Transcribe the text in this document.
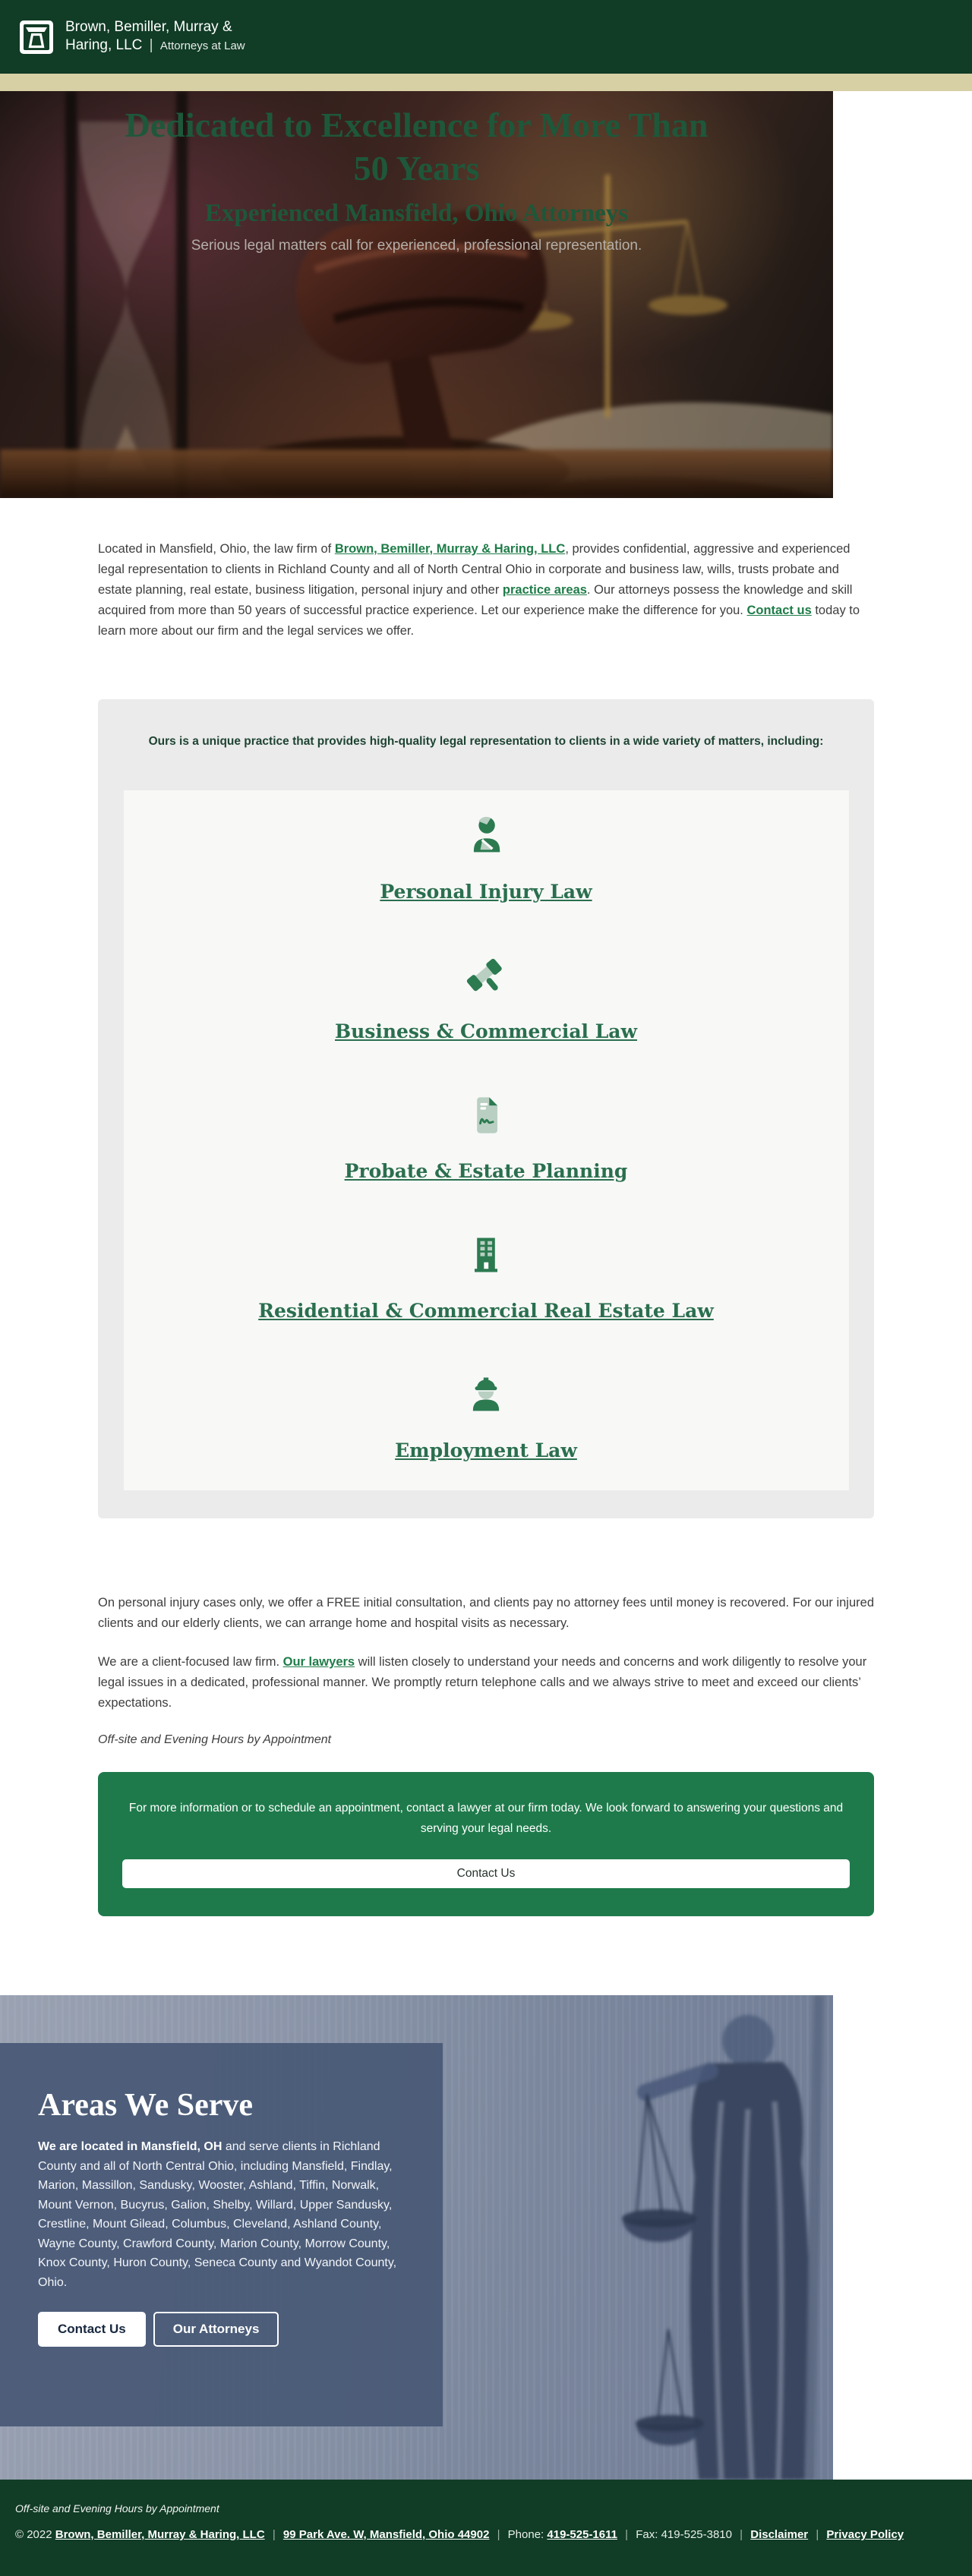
Brown, Bemiller, Murray &
Haring, LLC | Attorneys at Law
Dedicated to Excellence for More Than
50 Years
Experienced Mansfield, Ohio Attorneys

Serious legal matters call for experienced, professional representation.

Located in Mansfield, Ohio, the law firm of Brown, Bemiller, Murray & Haring, LLC, provides confidential, aggressive and experienced legal representation to clients in Richland County and all of North Central Ohio in corporate and business law, wills, trusts probate and estate planning, real estate, business litigation, personal injury and other practice areas. Our attorneys possess the knowledge and skill acquired from more than 50 years of successful practice experience. Let our experience make the difference for you. Contact us today to learn more about our firm and the legal services we offer.

Ours is a unique practice that provides high-quality legal representation to clients in a wide variety of matters, including:

Personal Injury Law
Business & Commercial Law
Probate & Estate Planning
Residential & Commercial Real Estate Law
Employment Law

On personal injury cases only, we offer a FREE initial consultation, and clients pay no attorney fees until money is recovered. For our injured clients and our elderly clients, we can arrange home and hospital visits as necessary.

We are a client-focused law firm. Our lawyers will listen closely to understand your needs and concerns and work diligently to resolve your legal issues in a dedicated, professional manner. We promptly return telephone calls and we always strive to meet and exceed our clients’ expectations.

Off-site and Evening Hours by Appointment

For more information or to schedule an appointment, contact a lawyer at our firm today. We look forward to answering your questions and serving your legal needs.

Contact Us
Areas We Serve

We are located in Mansfield, OH and serve clients in Richland County and all of North Central Ohio, including Mansfield, Findlay, Marion, Massillon, Sandusky, Wooster, Ashland, Tiffin, Norwalk, Mount Vernon, Bucyrus, Galion, Shelby, Willard, Upper Sandusky, Crestline, Mount Gilead, Columbus, Cleveland, Ashland County, Wayne County, Crawford County, Marion County, Morrow County, Knox County, Huron County, Seneca County and Wyandot County, Ohio.

Contact Us	Our Attorneys
Off-site and Evening Hours by Appointment
© 2022 Brown, Bemiller, Murray & Haring, LLC | 99 Park Ave. W, Mansfield, Ohio 44902 | Phone: 419-525-1611 | Fax: 419-525-3810 | Disclaimer | Privacy Policy
